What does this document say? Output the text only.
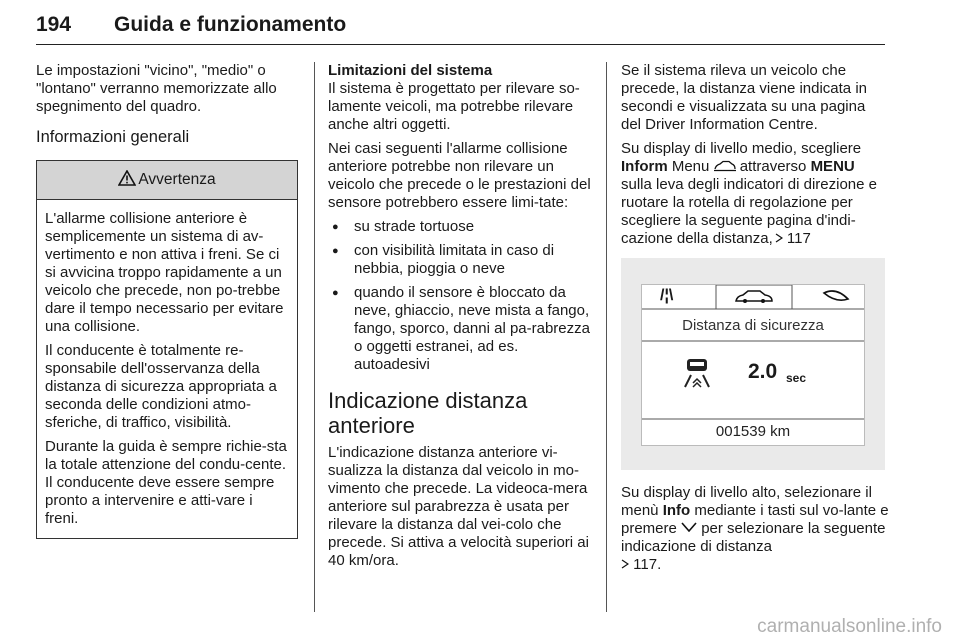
194 Guida e funzionamento

Le impostazioni "vicino", "medio" o "lontano" verranno memorizzate allo spegnimento del quadro.

Informazioni generali
Avvertenza

L'allarme collisione anteriore è semplicemente un sistema di av-vertimento e non attiva i freni. Se ci si avvicina troppo rapidamente a un veicolo che precede, non po-trebbe dare il tempo necessario per evitare una collisione.

Il conducente è totalmente re-sponsabile dell'osservanza della distanza di sicurezza appropriata a seconda delle condizioni atmo-sferiche, di traffico, visibilità.

Durante la guida è sempre richie-sta la totale attenzione del condu-cente. Il conducente deve essere sempre pronto a intervenire e atti-vare i freni.

Limitazioni del sistema

Il sistema è progettato per rilevare so-lamente veicoli, ma potrebbe rilevare anche altri oggetti.

Nei casi seguenti l'allarme collisione anteriore potrebbe non rilevare un veicolo che precede o le prestazioni del sensore potrebbero essere limi-tate:

● su strade tortuose
● con visibilità limitata in caso di nebbia, pioggia o neve
● quando il sensore è bloccato da neve, ghiaccio, neve mista a fango, fango, sporco, danni al pa-rabrezza o oggetti estranei, ad es. autoadesivi
Indicazione distanza anteriore

L'indicazione distanza anteriore vi-sualizza la distanza dal veicolo in mo-vimento che precede. La videoca-mera anteriore sul parabrezza è usata per rilevare la distanza dal vei-colo che precede. Si attiva a velocità superiori ai 40 km/ora.

Se il sistema rileva un veicolo che precede, la distanza viene indicata in secondi e visualizzata su una pagina del Driver Information Centre.

Su display di livello medio, scegliere Inform Menu  attraverso MENU sulla leva degli indicatori di direzione e ruotare la rotella di regolazione per scegliere la seguente pagina d'indi-cazione della distanza, 117

/¦\
Distanza di sicurezza
2.0 sec
001539 km

Su display di livello alto, selezionare il menù Info mediante i tasti sul vo-lante e premere  per selezionare la seguente indicazione di distanza
117.

carmanualsonline.info
